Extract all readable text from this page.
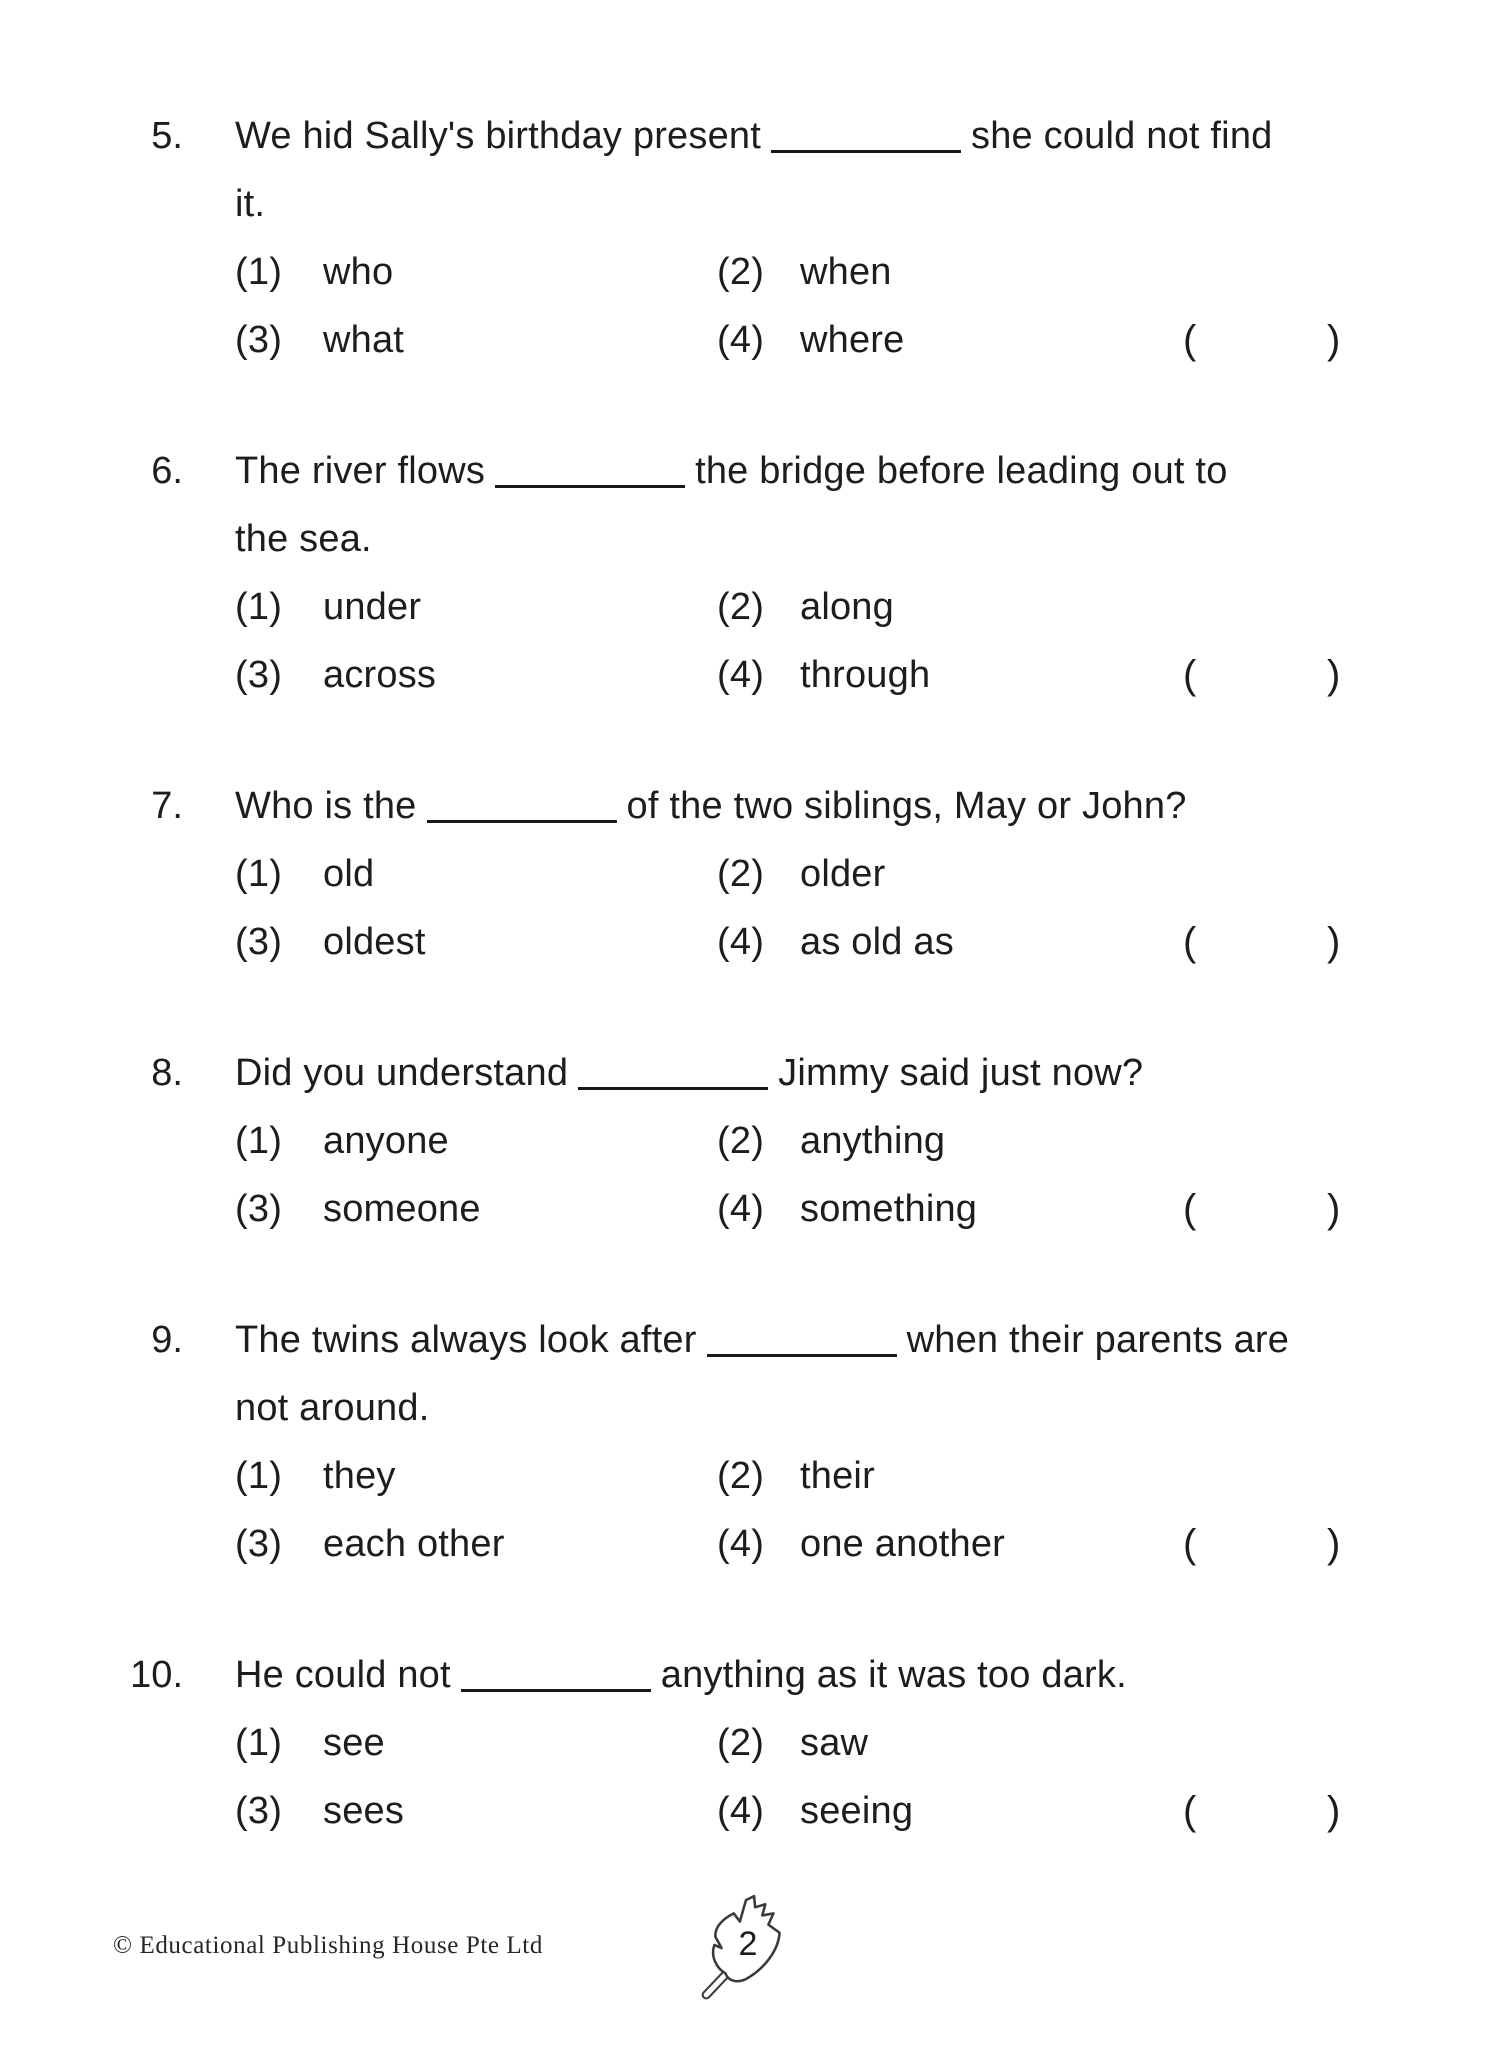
5.	We hid Sally's birthday present	she could not find

it.

(1)	who	(2) when
(3)	what	(4) where	(	)
6.	The river flows	the bridge before leading out to

the sea.

(1)	under	(2) along
(3)	across	(4) through	(	)
7.	Who is the	of the two siblings, May or John?

(1)	old	(2) older
(3)	oldest	(4) as old as	(	)
8.	Did you understand	Jimmy said just now?

(1)	anyone	(2) anything
(3)	someone	(4) something	(	)
9.	The twins always look after	when their parents are

not around.

(1)	they	(2) their
(3)	each other	(4) one another	(	)
10.	He could not	anything as it was too dark.

(1)	see	(2) saw
(3)	sees	(4) seeing	(	)
© Educational Publishing House Pte Ltd	2
